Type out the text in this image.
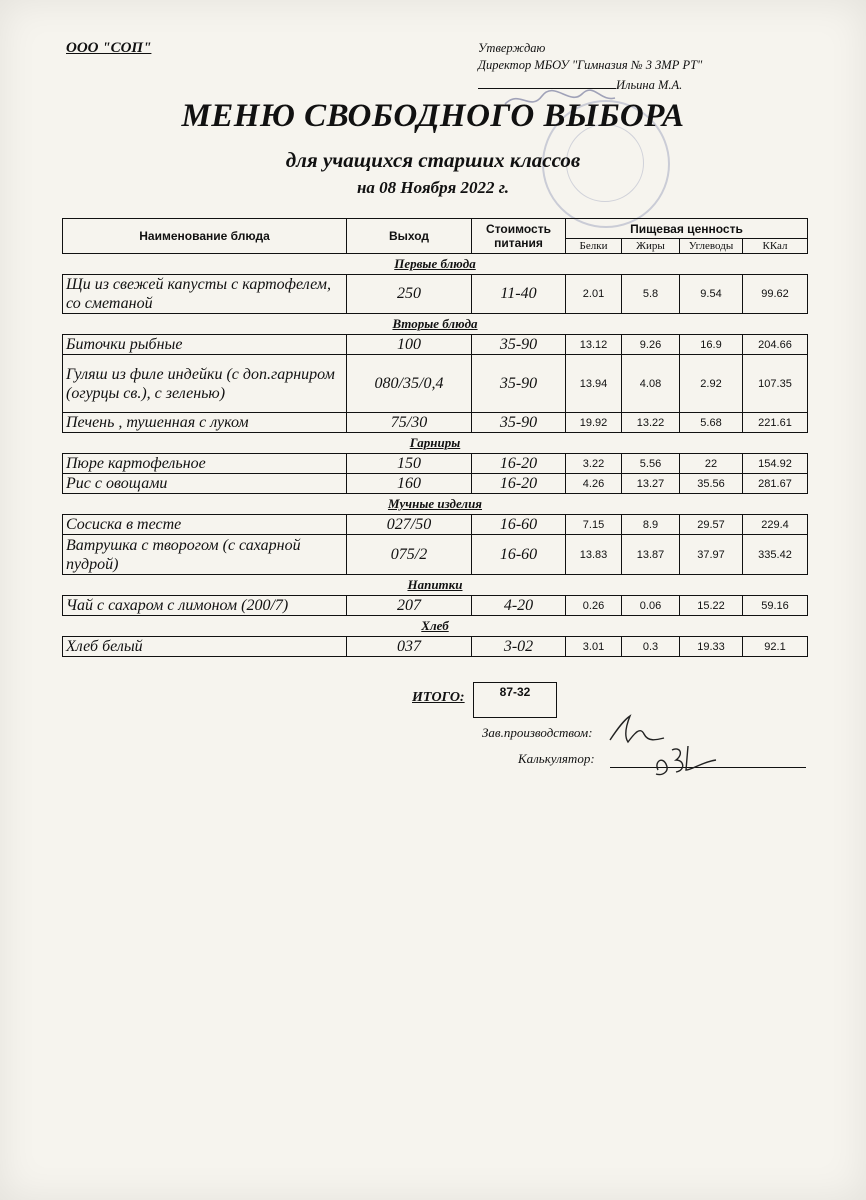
ООО "СОП"	Утверждаю
Директор МБОУ "Гимназия № 3 ЗМР РТ"
Ильина М.А.
МЕНЮ СВОБОДНОГО ВЫБОРА
для учащихся старших классов
на 08 Ноября 2022 г.
Наименование блюда	Выход	Стоимость питания	Пищевая ценность			
			Белки	Жиры	Углеводы	ККал
Первые блюда						
Щи из свежей капусты с картофелем, со сметаной	250	11-40	2.01	5.8	9.54	99.62
Вторые блюда						
Биточки рыбные	100	35-90	13.12	9.26	16.9	204.66
Гуляш из филе индейки (с доп.гарниром (огурцы св.), с зеленью)	080/35/0,4	35-90	13.94	4.08	2.92	107.35
Печень , тушенная с луком	75/30	35-90	19.92	13.22	5.68	221.61
Гарниры						
Пюре картофельное	150	16-20	3.22	5.56	22	154.92
Рис с овощами	160	16-20	4.26	13.27	35.56	281.67
Мучные изделия						
Сосиска в тесте	027/50	16-60	7.15	8.9	29.57	229.4
Ватрушка с творогом (с сахарной пудрой)	075/2	16-60	13.83	13.87	37.97	335.42
Напитки						
Чай с сахаром с лимоном (200/7)	207	4-20	0.26	0.06	15.22	59.16
Хлеб						
Хлеб белый	037	3-02	3.01	0.3	19.33	92.1
ИТОГО:	87-32
Зав.производством:
Калькулятор:
